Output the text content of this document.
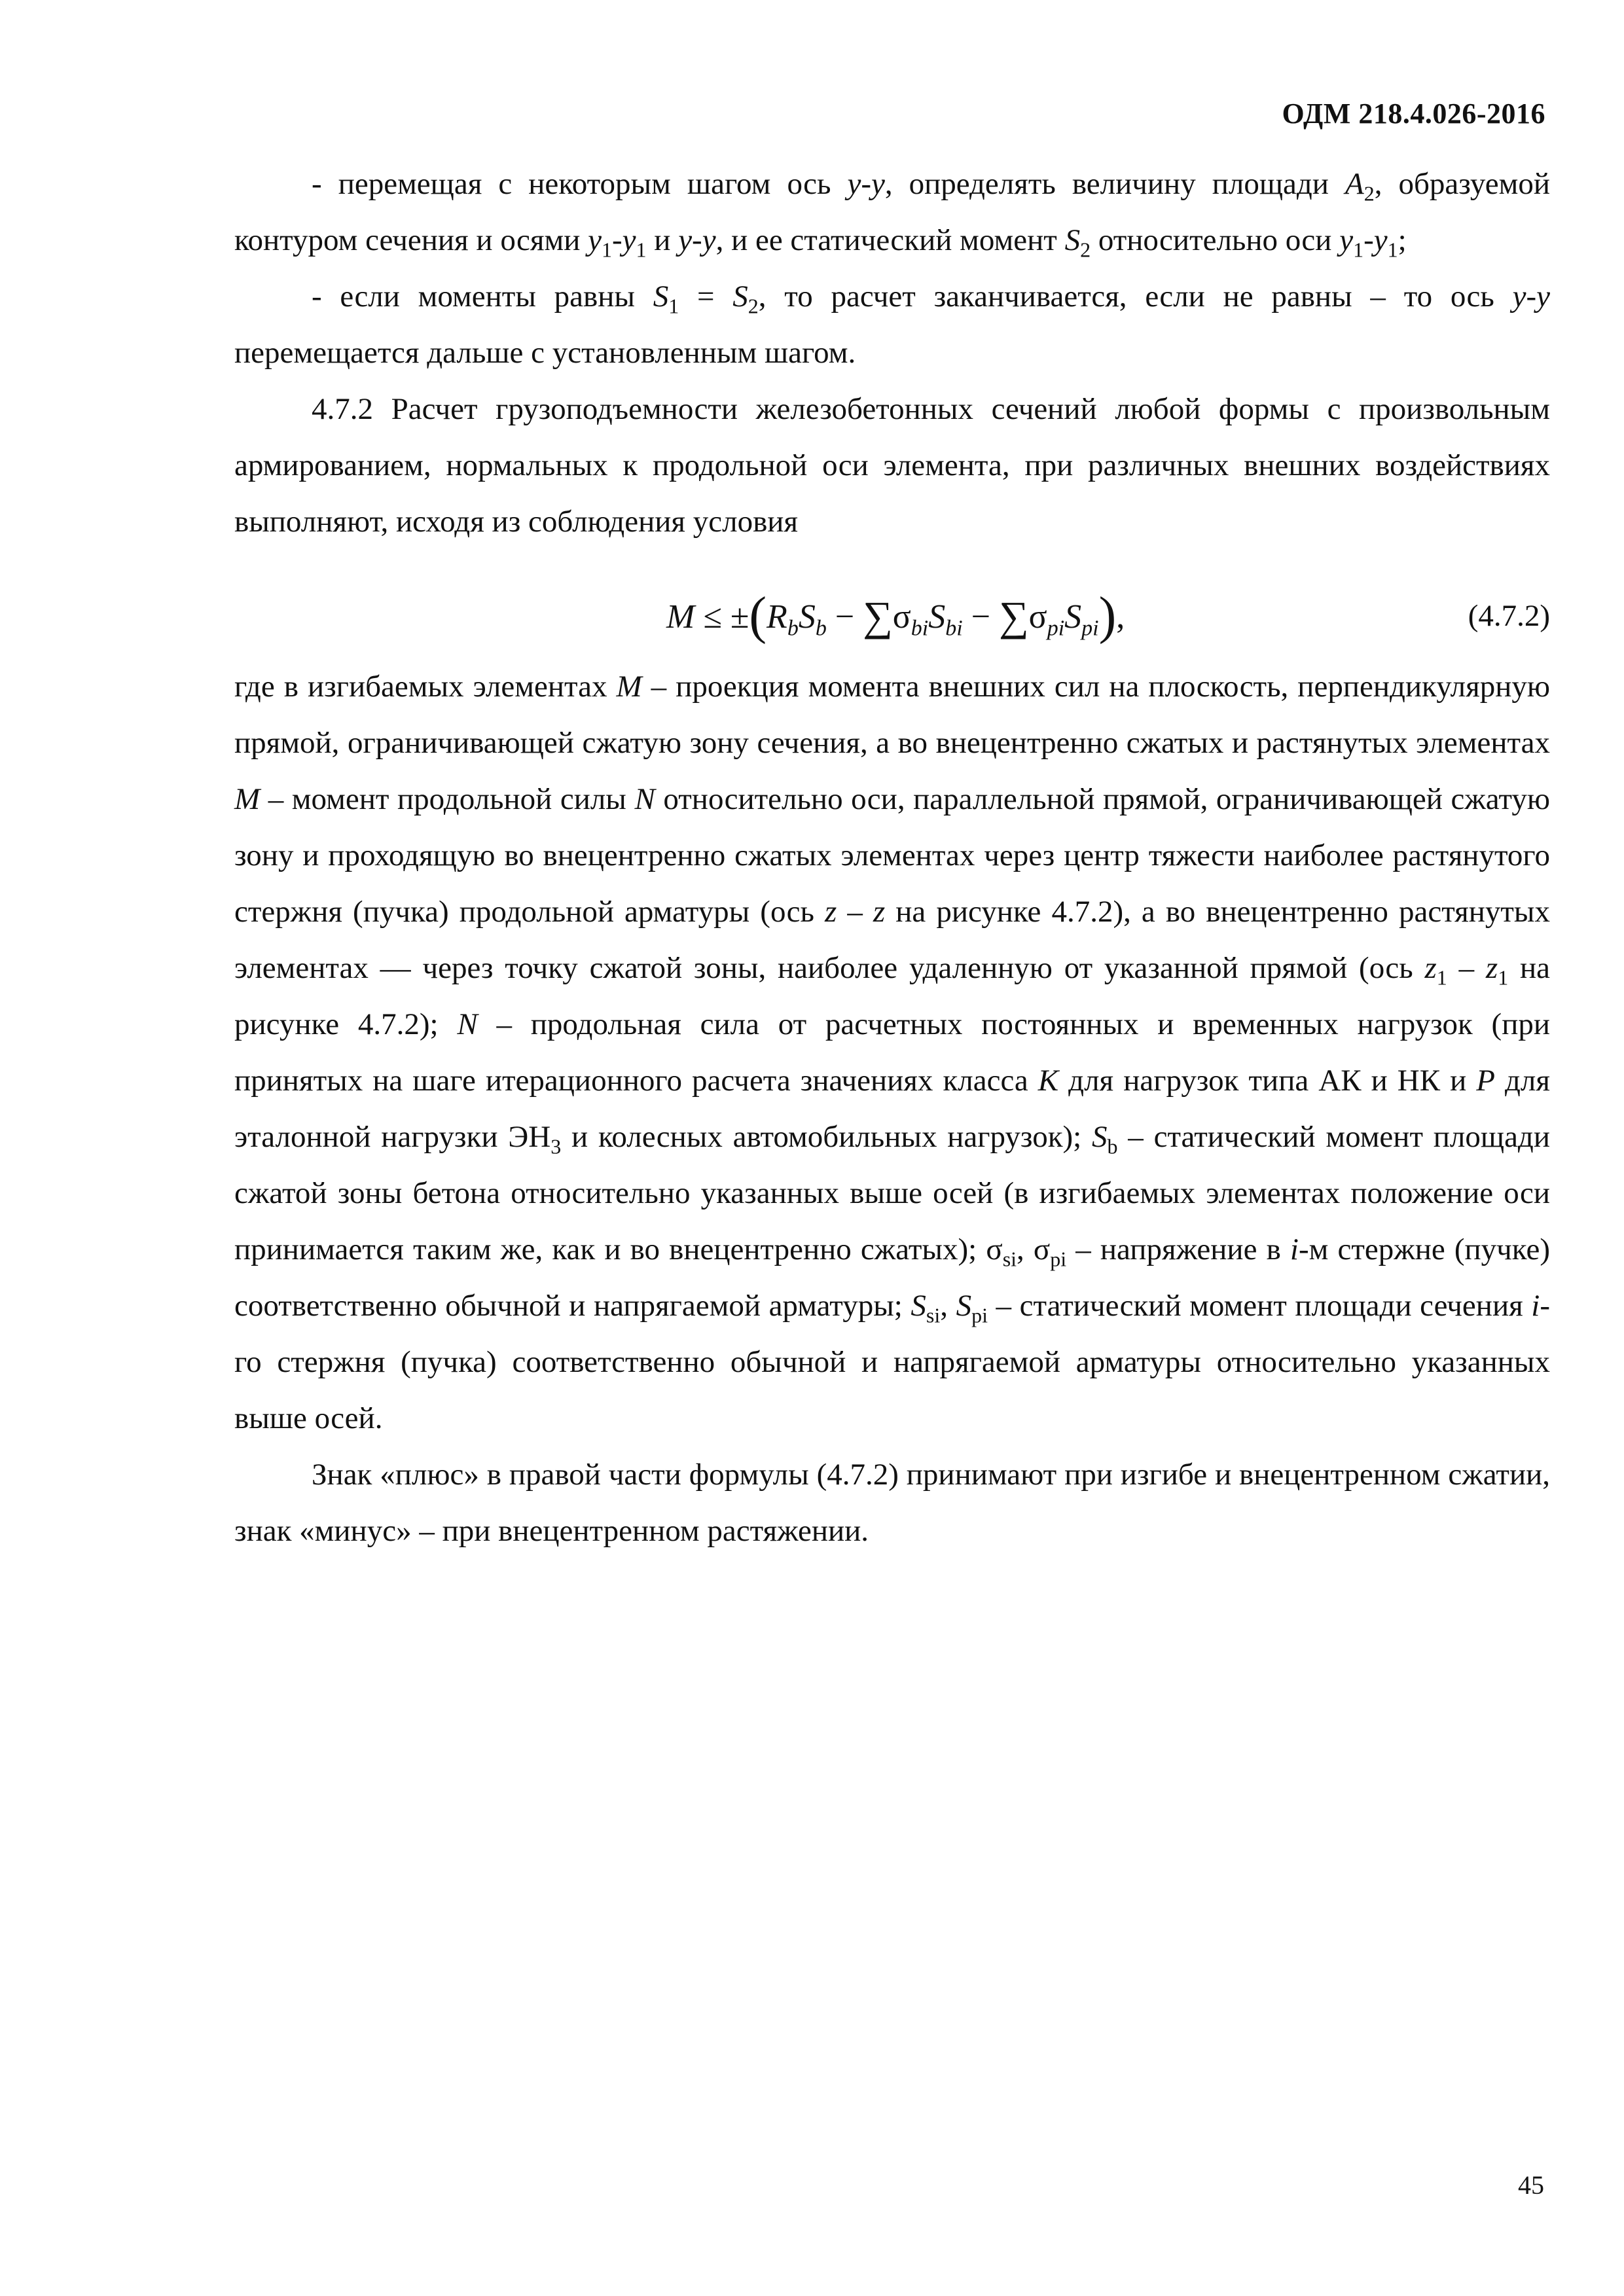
ОДМ 218.4.026-2016

- перемещая с некоторым шагом ось y-y, определять величину площади $A_2$, образуемой контуром сечения и осями $y_1-y_1$ и y-y, и ее статический момент $S_2$ относительно оси $y_1-y_1$;

- если моменты равны $S_1 = S_2$, то расчет заканчивается, если не равны – то ось y-y перемещается дальше с установленным шагом.

4.7.2 Расчет грузоподъемности железобетонных сечений любой формы с произвольным армированием, нормальных к продольной оси элемента, при различных внешних воздействиях выполняют, исходя из соблюдения условия

$M \le \pm(R_bS_b - \sum\sigma_{bi}S_{bi} - \sum\sigma_{pi}S_{pi})$,	(4.7.2)

где в изгибаемых элементах M – проекция момента внешних сил на плоскость, перпендикулярную прямой, ограничивающей сжатую зону сечения, а во внецентренно сжатых и растянутых элементах M – момент продольной силы N относительно оси, параллельной прямой, ограничивающей сжатую зону и проходящую во внецентренно сжатых элементах через центр тяжести наиболее растянутого стержня (пучка) продольной арматуры (ось z – z на рисунке 4.7.2), а во внецентренно растянутых элементах — через точку сжатой зоны, наиболее удаленную от указанной прямой (ось $z_1 - z_1$ на рисунке 4.7.2); N – продольная сила от расчетных постоянных и временных нагрузок (при принятых на шаге итерационного расчета значениях класса K для нагрузок типа АК и НК и P для эталонной нагрузки $ЭН_3$ и колесных автомобильных нагрузок); $S_b$ – статический момент площади сжатой зоны бетона относительно указанных выше осей (в изгибаемых элементах положение оси принимается таким же, как и во внецентренно сжатых); $\sigma_{si}$, $\sigma_{pi}$ – напряжение в i-м стержне (пучке) соответственно обычной и напрягаемой арматуры; $S_{si}$, $S_{pi}$ – статический момент площади сечения i-го стержня (пучка) соответственно обычной и напрягаемой арматуры относительно указанных выше осей.

Знак «плюс» в правой части формулы (4.7.2) принимают при изгибе и внецентренном сжатии, знак «минус» – при внецентренном растяжении.

45
